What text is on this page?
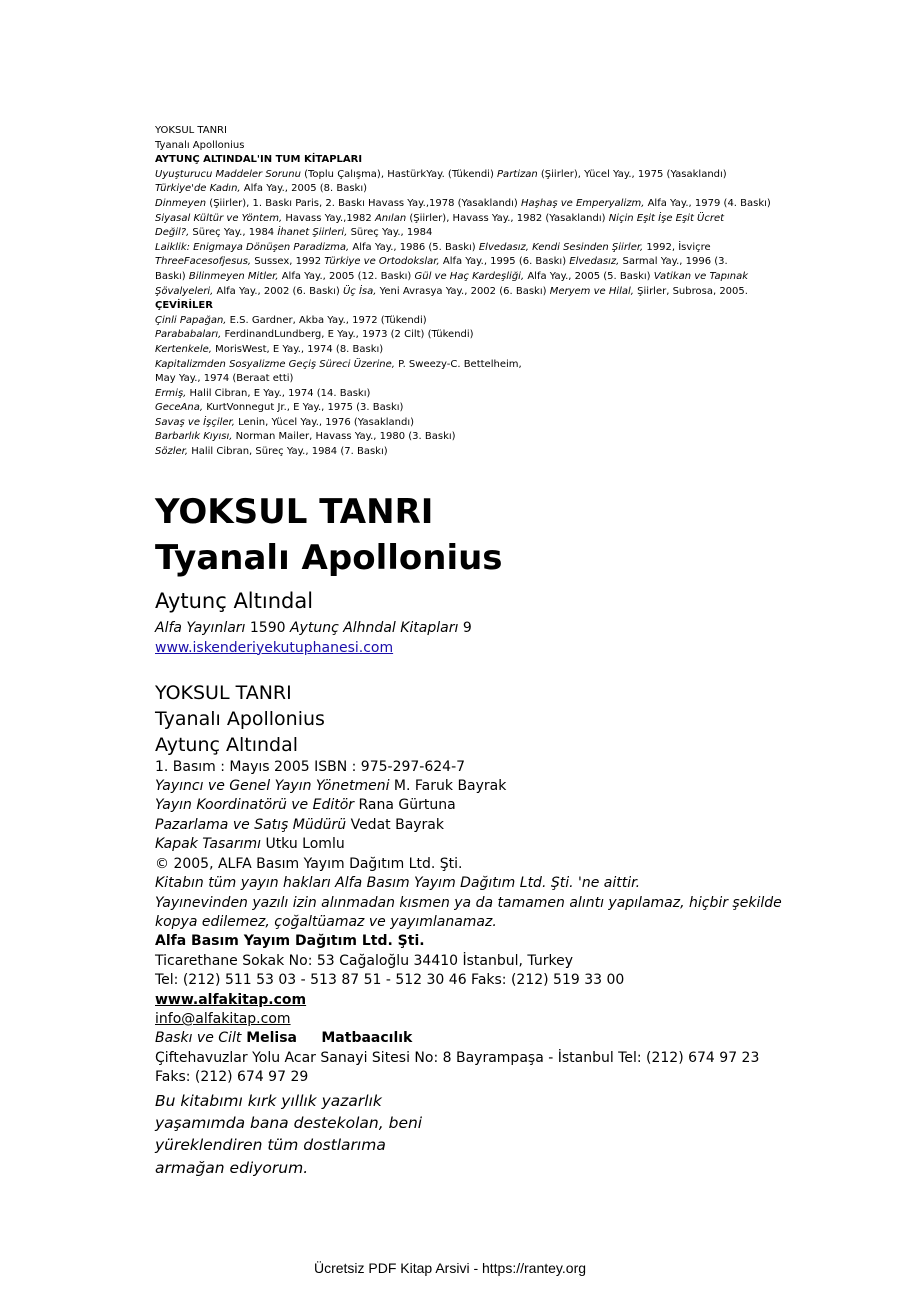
YOKSUL TANRI

Tyanalı Apollonius

AYTUNÇ ALTINDAL'IN TUM KİTAPLARI

Uyuşturucu Maddeler Sorunu (Toplu Çalışma), HastürkYay. (Tükendi) Partizan (Şiirler), Yücel Yay., 1975 (Yasaklandı)

Türkiye'de Kadın, Alfa Yay., 2005 (8. Baskı)

Dinmeyen (Şiirler), 1. Baskı Paris, 2. Baskı Havass Yay.,1978 (Yasaklandı) Haşhaş ve Emperyalizm, Alfa Yay., 1979 (4. Baskı)

Siyasal Kültür ve Yöntem, Havass Yay.,1982 Anılan (Şiirler), Havass Yay., 1982 (Yasaklandı) Niçin Eşit İşe Eşit Ücret

Değil?, Süreç Yay., 1984 İhanet Şiirleri, Süreç Yay., 1984

Laiklik: Enigmaya Dönüşen Paradizma, Alfa Yay., 1986 (5. Baskı) Elvedasız, Kendi Sesinden Şiirler, 1992, İsviçre

ThreeFacesofjesus, Sussex, 1992 Türkiye ve Ortodokslar, Alfa Yay., 1995 (6. Baskı) Elvedasız, Sarmal Yay., 1996 (3.

Baskı) Bilinmeyen Mitler, Alfa Yay., 2005 (12. Baskı) Gül ve Haç Kardeşliği, Alfa Yay., 2005 (5. Baskı) Vatikan ve Tapınak

Şövalyeleri, Alfa Yay., 2002 (6. Baskı) Üç İsa, Yeni Avrasya Yay., 2002 (6. Baskı) Meryem ve Hilal, Şiirler, Subrosa, 2005.

ÇEVİRİLER

Çinli Papağan, E.S. Gardner, Akba Yay., 1972 (Tükendi)

Parababaları, FerdinandLundberg, E Yay., 1973 (2 Cilt) (Tükendi)

Kertenkele, MorisWest, E Yay., 1974 (8. Baskı)

Kapitalizmden Sosyalizme Geçiş Süreci Üzerine, P. Sweezy-C. Bettelheim,

May Yay., 1974 (Beraat etti)

Ermiş, Halil Cibran, E Yay., 1974 (14. Baskı)

GeceAna, KurtVonnegut Jr., E Yay., 1975 (3. Baskı)

Savaş ve İşçiler, Lenin, Yücel Yay., 1976 (Yasaklandı)

Barbarlık Kıyısı, Norman Mailer, Havass Yay., 1980 (3. Baskı)

Sözler, Halil Cibran, Süreç Yay., 1984 (7. Baskı)

YOKSUL TANRI
Tyanalı Apollonius
Aytunç Altındal
Alfa Yayınları 1590 Aytunç Alhndal Kitapları 9
www.iskenderiyekutuphanesi.com
YOKSUL TANRI
Tyanalı Apollonius
Aytunç Altındal

1. Basım : Mayıs 2005 ISBN : 975-297-624-7

Yayıncı ve Genel Yayın Yönetmeni M. Faruk Bayrak

Yayın Koordinatörü ve Editör Rana Gürtuna

Pazarlama ve Satış Müdürü Vedat Bayrak

Kapak Tasarımı Utku Lomlu

© 2005, ALFA Basım Yayım Dağıtım Ltd. Şti.

Kitabın tüm yayın hakları Alfa Basım Yayım Dağıtım Ltd. Şti. 'ne aittir.

Yayınevinden yazılı izin alınmadan kısmen ya da tamamen alıntı yapılamaz, hiçbir şekilde

kopya edilemez, çoğaltüamaz ve yayımlanamaz.

Alfa Basım Yayım Dağıtım Ltd. Şti.

Ticarethane Sokak No: 53 Cağaloğlu 34410 İstanbul, Turkey

Tel: (212) 511 53 03 - 513 87 51 - 512 30 46 Faks: (212) 519 33 00

www.alfakitap.com

info@alfakitap.com

Baskı ve Cilt Melisa     Matbaacılık

Çiftehavuzlar Yolu Acar Sanayi Sitesi No: 8 Bayrampaşa - İstanbul Tel: (212) 674 97 23

Faks: (212) 674 97 29

Bu kitabımı kırk yıllık yazarlık

yaşamımda bana destekolan, beni

yüreklendiren tüm dostlarıma

armağan ediyorum.

Ücretsiz PDF Kitap Arsivi - https://rantey.org
